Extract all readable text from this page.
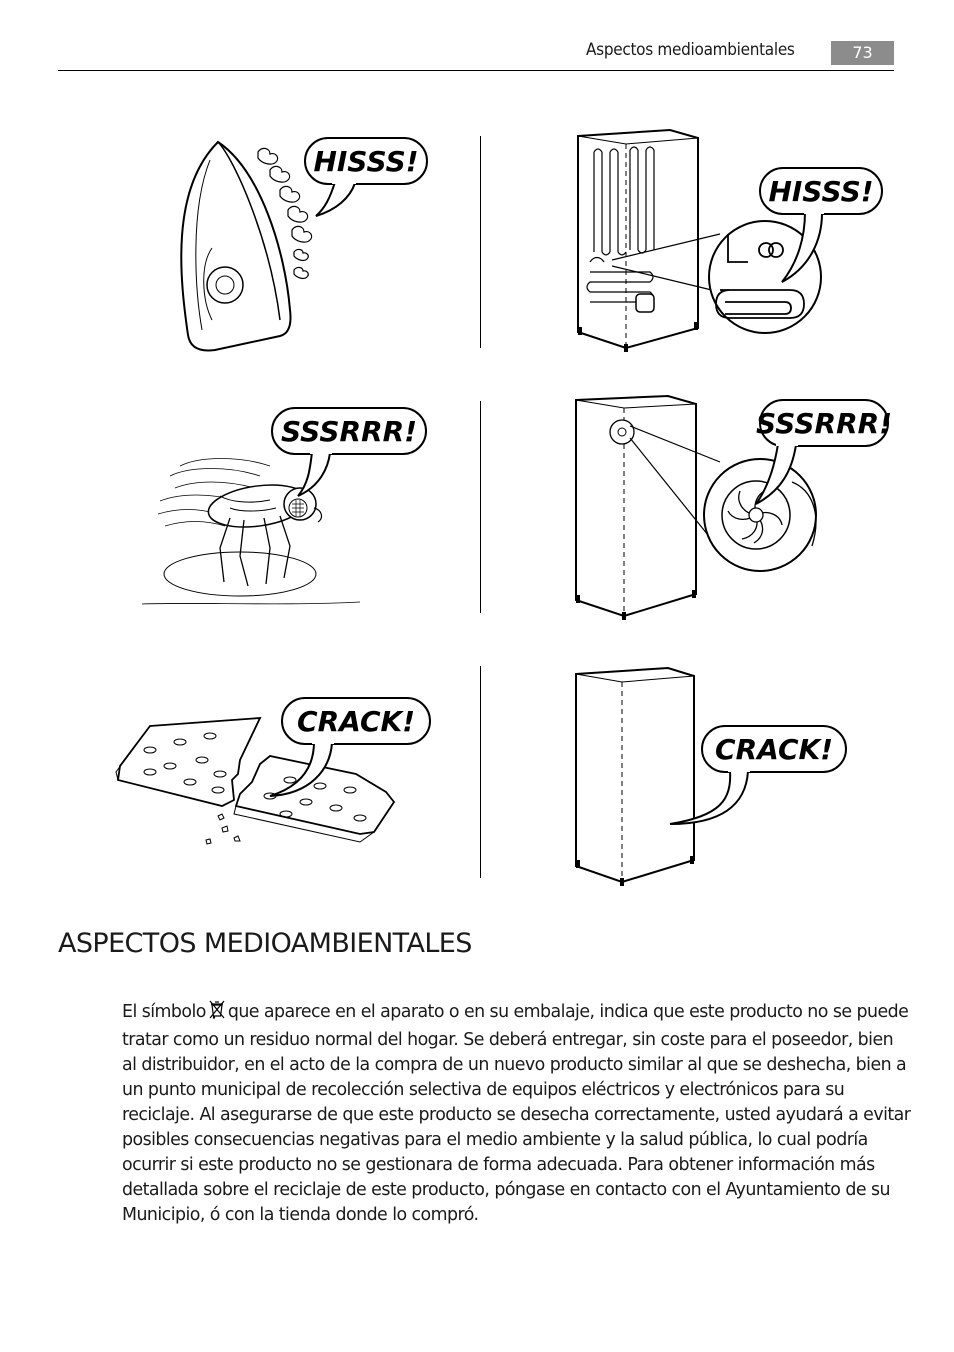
Aspectos medioambientales	73
HISSS!
HISSS!
SSSRRR!	SSSRRR!
CRACK!
CRACK!
ASPECTOS MEDIOAMBIENTALES

El símbolo que aparece en el aparato o en su embalaje, indica que este producto no se puede tratar como un residuo normal del hogar. Se deberá entregar, sin coste para el poseedor, bien al distribuidor, en el acto de la compra de un nuevo producto similar al que se deshecha, bien a un punto municipal de recolección selectiva de equipos eléctricos y electrónicos para su reciclaje. Al asegurarse de que este producto se desecha correctamente, usted ayudará a evitar posibles consecuencias negativas para el medio ambiente y la salud pública, lo cual podría ocurrir si este producto no se gestionara de forma adecuada. Para obtener información más detallada sobre el reciclaje de este producto, póngase en contacto con el Ayuntamiento de su Municipio, ó con la tienda donde lo compró.
